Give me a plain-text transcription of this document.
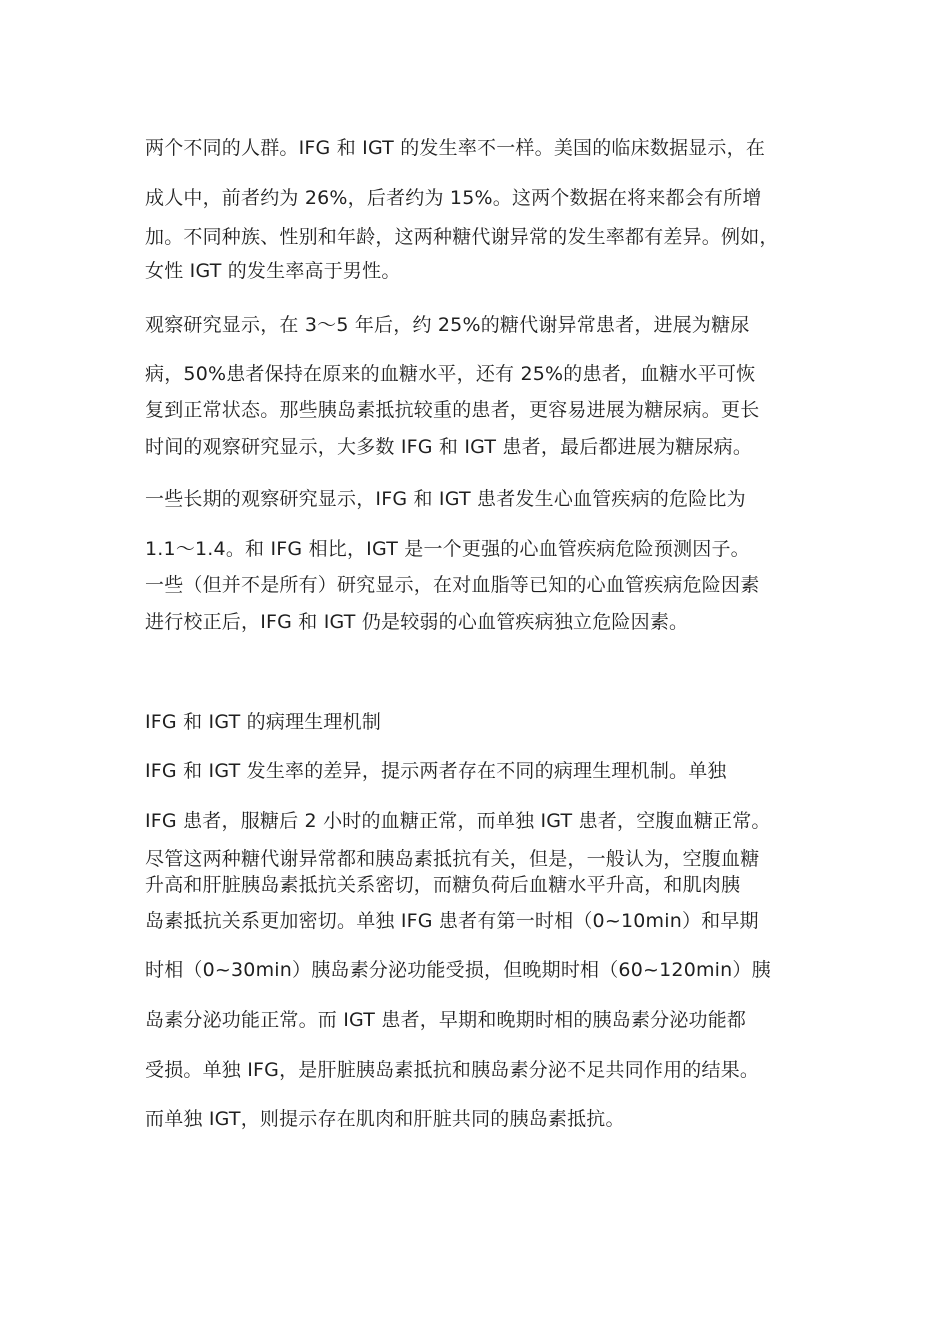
两个不同的人群。IFG 和 IGT 的发生率不一样。美国的临床数据显示，在
成人中，前者约为 26%，后者约为 15%。这两个数据在将来都会有所增
加。不同种族、性别和年龄，这两种糖代谢异常的发生率都有差异。例如，
女性 IGT 的发生率高于男性。
观察研究显示，在 3～5 年后，约 25%的糖代谢异常患者，进展为糖尿
病，50%患者保持在原来的血糖水平，还有 25%的患者，血糖水平可恢
复到正常状态。那些胰岛素抵抗较重的患者，更容易进展为糖尿病。更长
时间的观察研究显示，大多数 IFG 和 IGT 患者，最后都进展为糖尿病。
一些长期的观察研究显示，IFG 和 IGT 患者发生心血管疾病的危险比为
1.1～1.4。和 IFG 相比，IGT 是一个更强的心血管疾病危险预测因子。
一些（但并不是所有）研究显示，在对血脂等已知的心血管疾病危险因素
进行校正后，IFG 和 IGT 仍是较弱的心血管疾病独立危险因素。
IFG 和 IGT 的病理生理机制
IFG 和 IGT 发生率的差异，提示两者存在不同的病理生理机制。单独
IFG 患者，服糖后 2 小时的血糖正常，而单独 IGT 患者，空腹血糖正常。
尽管这两种糖代谢异常都和胰岛素抵抗有关，但是，一般认为，空腹血糖
升高和肝脏胰岛素抵抗关系密切，而糖负荷后血糖水平升高，和肌肉胰
岛素抵抗关系更加密切。单独 IFG 患者有第一时相（0~10min）和早期
时相（0~30min）胰岛素分泌功能受损，但晚期时相（60~120min）胰
岛素分泌功能正常。而 IGT 患者，早期和晚期时相的胰岛素分泌功能都
受损。单独 IFG，是肝脏胰岛素抵抗和胰岛素分泌不足共同作用的结果。
而单独 IGT，则提示存在肌肉和肝脏共同的胰岛素抵抗。
